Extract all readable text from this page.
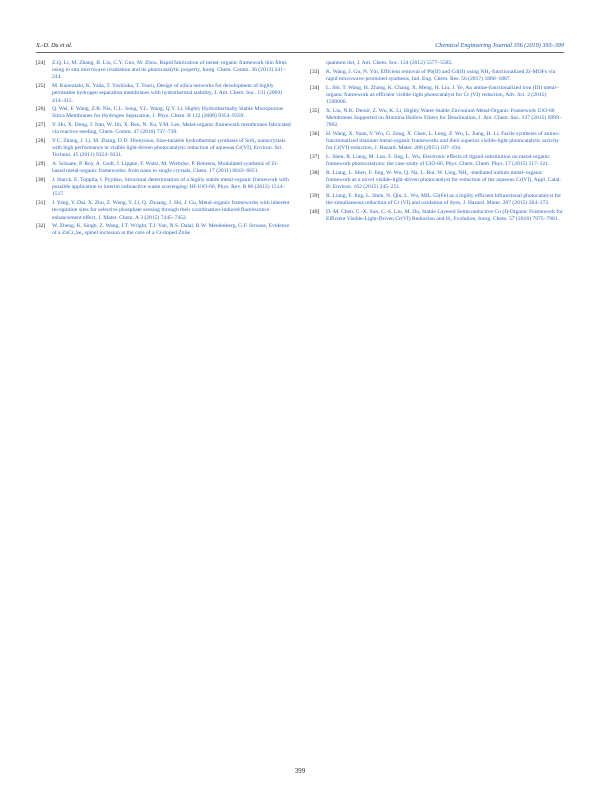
X.-D. Du et al.	Chemical Engineering Journal 356 (2019) 393–399
[24]	Z.Q. Li, M. Zhang, B. Liu, C.Y. Guo, M. Zhou, Rapid fabrication of metal–organic framework thin films using in situ microwave irradiation and its photocatalytic property, Inorg. Chem. Comm. 36 (2013) 241–244.
[25]	M. Kanezashi, K. Yada, T. Yoshioka, T. Tsuru, Design of silica networks for development of highly permeable hydrogen separation membranes with hydrothermal stability, J. Am. Chem. Soc. 131 (2009) 414–415.
[26]	Q. Wei, F. Wang, Z.R. Nie, C.L. Song, Y.L. Wang, Q.Y. Li, Highly Hydrothermally Stable Microporous Silica Membranes for Hydrogen Separation, J. Phys. Chem. B 112 (2008) 9354–9359.
[27]	Y. Hu, X. Dong, J. Nan, W. Jin, X. Ren, N. Xu, Y.M. Lee, Metal-organic framework membranes fabricated via reactive seeding, Chem. Comm. 47 (2010) 737–739.
[28]	Y.C. Zhang, J. Li, M. Zhang, D.D. Dionysiou, Size-tunable hydrothermal synthesis of SnS₂ nanocrystals with high performance in visible light-driven photocatalytic reduction of aqueous Cr(VI), Environ. Sci. Technol. 45 (2011) 9324–9331.
[29]	A. Schaate, P. Roy, A. Godt, J. Lippke, F. Waltz, M. Wiebcke, P. Behrens, Modulated synthesis of Zr-based metal-organic frameworks: from nano to single crystals, Chem. 17 (2011) 6643–6651.
[30]	J. Starck, E. Toppila, I. Pyykko, Structural determination of a highly stable metal-organic framework with possible application to interim radioactive waste scavenging: Hf-UiO-66, Phys. Rev. B 86 (2012) 1514–1517.
[31]	J. Yang, Y. Dai, X. Zhu, Z. Wang, Y. Li, Q. Zhuang, J. Shi, J. Gu, Metal-organic frameworks with inherent recognition sites for selective phosphate sensing through their coordination-induced fluorescence enhancement effect, J. Mater. Chem. A 3 (2015) 7445–7452.
[32]	W. Zheng, K. Singh, Z. Wang, J.T. Wright, T.J. Van, N.S. Dalal, R.W. Meulenberg, G.F. Strouse, Evidence of a ZnCr₂Se₄ spinel inclusion at the core of a Cr-doped ZnSe
quantum dot, J. Am. Chem. Soc. 134 (2012) 5577–5585.
[33]	K. Wang, J. Gu, N. Yin, Efficient removal of Pb(II) and Cd(II) using NH₂-functionalized Zr-MOFs via rapid microwave-promoted synthesis, Ind. Eng. Chem. Res. 56 (2017) 1880–1887.
[34]	L. Shi, T. Wang, H. Zhang, K. Chang, X. Meng, H. Liu, J. Ye, An amine-functionalized iron (III) metal–organic framework as efficient visible-light photocatalyst for Cr (VI) reduction, Adv. Sci. 2 (2015) 1500006.
[35]	X. Liu, N.K. Demir, Z. Wu, K. Li, Highly Water-Stable Zirconium Metal-Organic Framework UiO-66 Membranes Supported on Alumina Hollow Fibers for Desalination, J. Am. Chem. Soc. 137 (2015) 6999–7002.
[36]	H. Wang, X. Yuan, Y. Wu, G. Zeng, X. Chen, L. Leng, Z. Wu, L. Jiang, H. Li, Facile synthesis of amino-functionalized titanium metal-organic frameworks and their superior visible-light photocatalytic activity for Cr(VI) reduction, J. Hazard. Mater. 286 (2015) 187–194.
[37]	L. Shen, R. Liang, M. Luo, F. Jing, L. Wu, Electronic effects of ligand substitution on metal-organic framework photocatalysts: the case study of UiO-66, Phys. Chem. Chem. Phys. 17 (2015) 117–121.
[38]	R. Liang, L. Shen, F. Jing, W. Wu, Q. Na, L. Rui, W. Ling, NH₂ -mediated indium metal–organic framework as a novel visible-light-driven photocatalyst for reduction of the aqueous Cr(VI), Appl. Catal. B: Environ. 162 (2015) 245–251.
[39]	R. Liang, F. Jing, L. Shen, N. Qin, L. Wu, MIL-53(Fe) as a highly efficient bifunctional photocatalyst for the simultaneous reduction of Cr (VI) and oxidation of dyes, J. Hazard. Mater. 287 (2015) 364–372.
[40]	D.-M. Chen, C.-X. Sun, C.-S. Liu, M. Du, Stable Layered Semiconductive Cu (I)-Organic Framework for Efficient Visible-Light-Driven Cr(VI) Reduction and H₂ Evolution, Inorg. Chem. 57 (2018) 7975–7981.
399
